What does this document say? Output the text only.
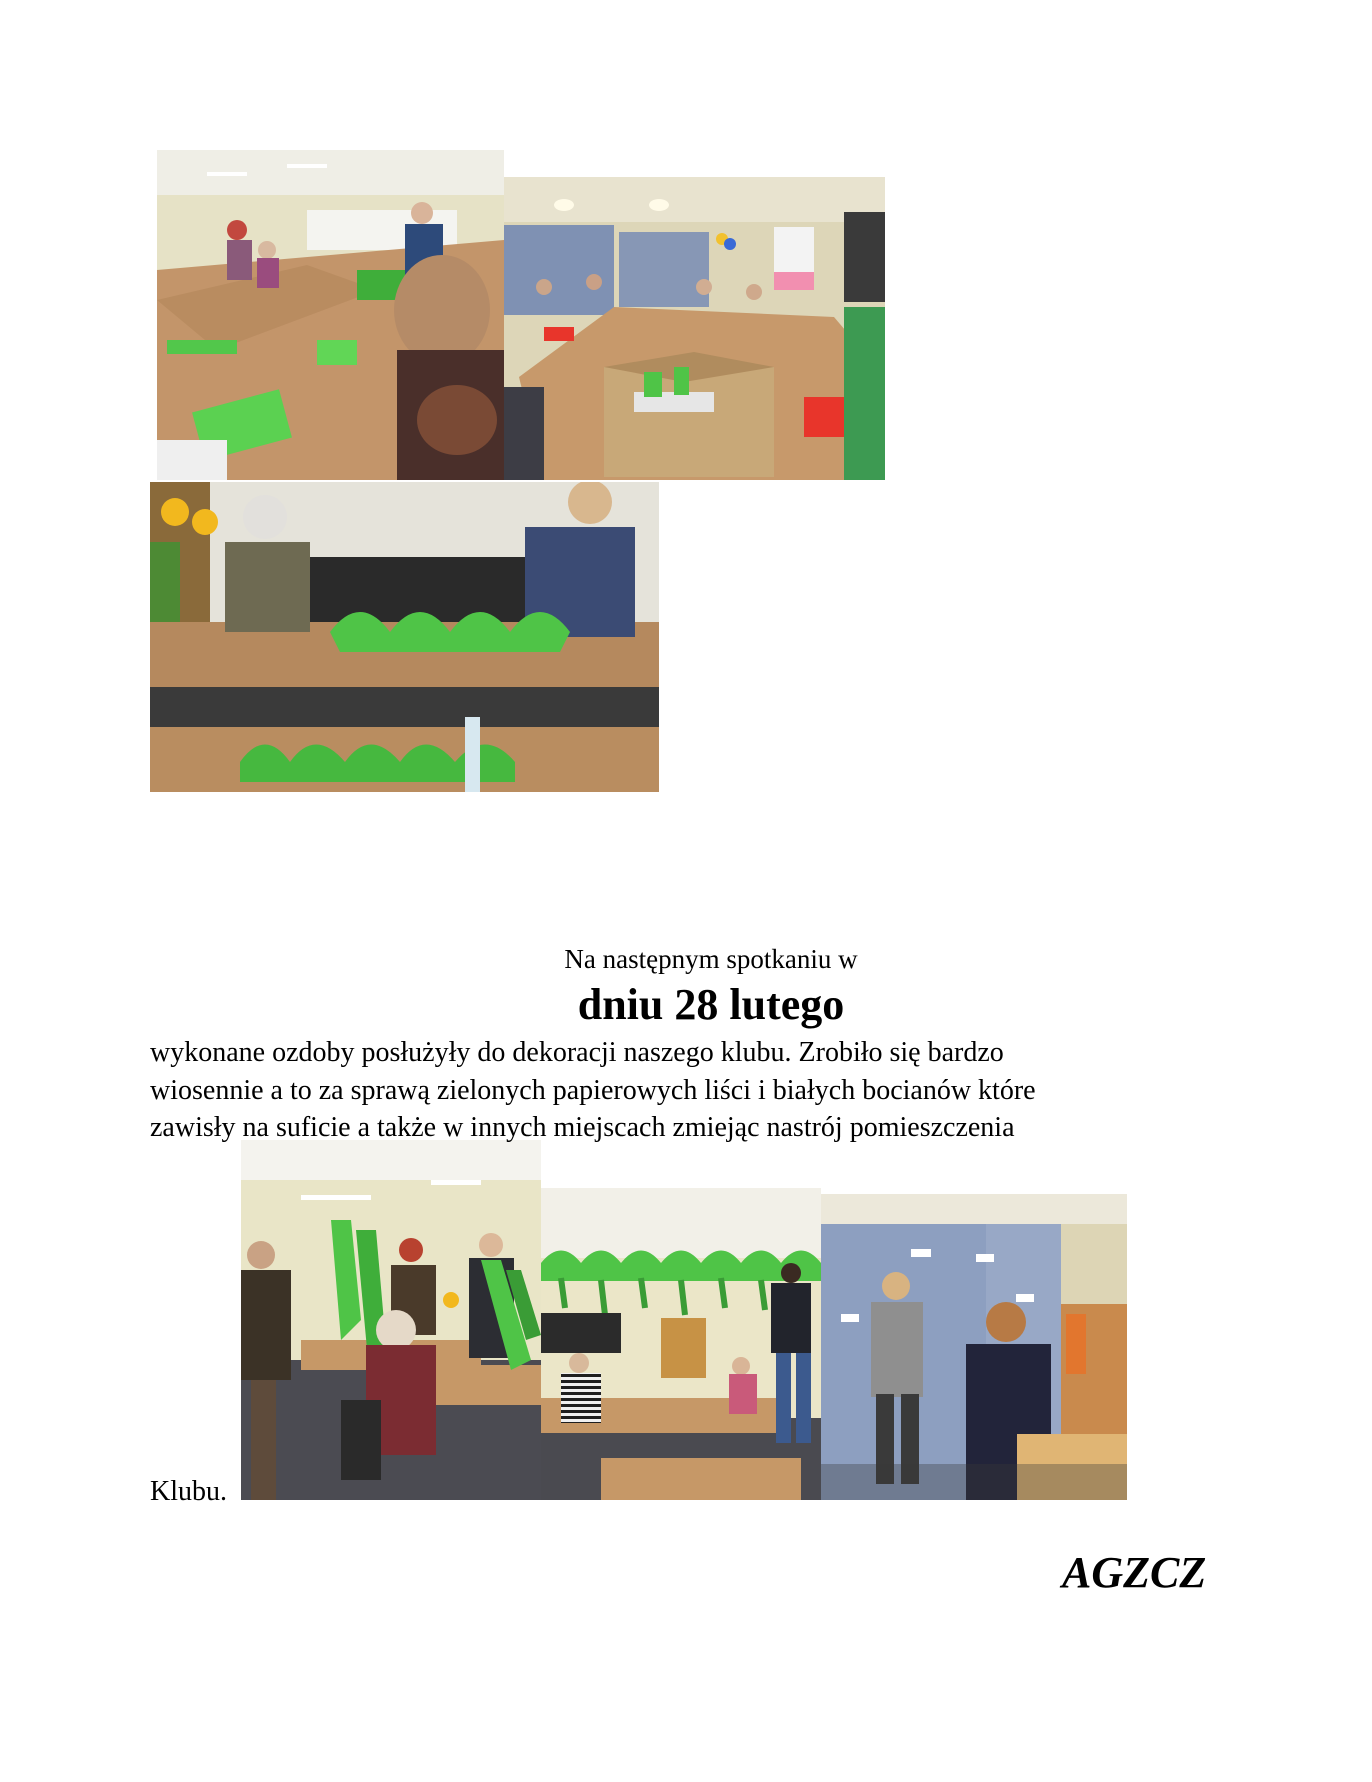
Na następnym spotkaniu w
dniu 28 lutego
wykonane ozdoby posłużyły do dekoracji naszego klubu. Zrobiło się bardzo
wiosennie a to za sprawą zielonych papierowych liści i białych bocianów które
zawisły na suficie a także w innych miejscach zmiejąc nastrój pomieszczenia
Klubu.
AGZCZ
